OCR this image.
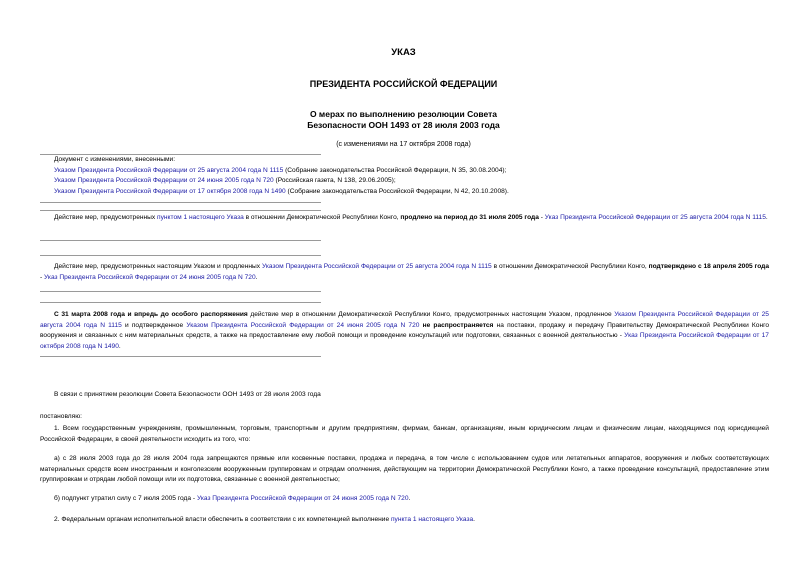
УКАЗ
ПРЕЗИДЕНТА РОССИЙСКОЙ ФЕДЕРАЦИИ
О мерах по выполнению резолюции Совета
Безопасности ООН 1493 от 28 июля 2003 года
(с изменениями на 17 октября 2008 года)
Документ с изменениями, внесенными:
Указом Президента Российской Федерации от 25 августа 2004 года N 1115 (Собрание законодательства Российской Федерации, N 35, 30.08.2004);
Указом Президента Российской Федерации от 24 июня 2005 года N 720 (Российская газета, N 138, 29.06.2005);
Указом Президента Российской Федерации от 17 октября 2008 года N 1490 (Собрание законодательства Российской Федерации, N 42, 20.10.2008).
Действие мер, предусмотренных пунктом 1 настоящего Указа в отношении Демократической Республики Конго, продлено на период до 31 июля 2005 года - Указ Президента Российской Федерации от 25 августа 2004 года N 1115.
Действие мер, предусмотренных настоящим Указом и продленных Указом Президента Российской Федерации от 25 августа 2004 года N 1115 в отношении Демократической Республики Конго, подтверждено с 18 апреля 2005 года - Указ Президента Российской Федерации от 24 июня 2005 года N 720.
С 31 марта 2008 года и впредь до особого распоряжения действие мер в отношении Демократической Республики Конго, предусмотренных настоящим Указом, продленное Указом Президента Российской Федерации от 25 августа 2004 года N 1115 и подтвержденное Указом Президента Российской Федерации от 24 июня 2005 года N 720 не распространяется на поставки, продажу и передачу Правительству Демократической Республики Конго вооружения и связанных с ним материальных средств, а также на предоставление ему любой помощи и проведение консультаций или подготовки, связанных с военной деятельностью - Указ Президента Российской Федерации от 17 октября 2008 года N 1490.
В связи с принятием резолюции Совета Безопасности ООН 1493 от 28 июля 2003 года
постановляю:
1. Всем государственным учреждениям, промышленным, торговым, транспортным и другим предприятиям, фирмам, банкам, организациям, иным юридическим лицам и физическим лицам, находящимся под юрисдикцией Российской Федерации, в своей деятельности исходить из того, что:
а) с 28 июля 2003 года до 28 июля 2004 года запрещаются прямые или косвенные поставки, продажа и передача, в том числе с использованием судов или летательных аппаратов, вооружения и любых соответствующих материальных средств всем иностранным и конголезским вооруженным группировкам и отрядам ополчения, действующим на территории Демократической Республики Конго, а также проведение консультаций, предоставление этим группировкам и отрядам любой помощи или их подготовка, связанные с военной деятельностью;
б) подпункт утратил силу с 7 июля 2005 года - Указ Президента Российской Федерации от 24 июня 2005 года N 720.
2. Федеральным органам исполнительной власти обеспечить в соответствии с их компетенцией выполнение пункта 1 настоящего Указа.
